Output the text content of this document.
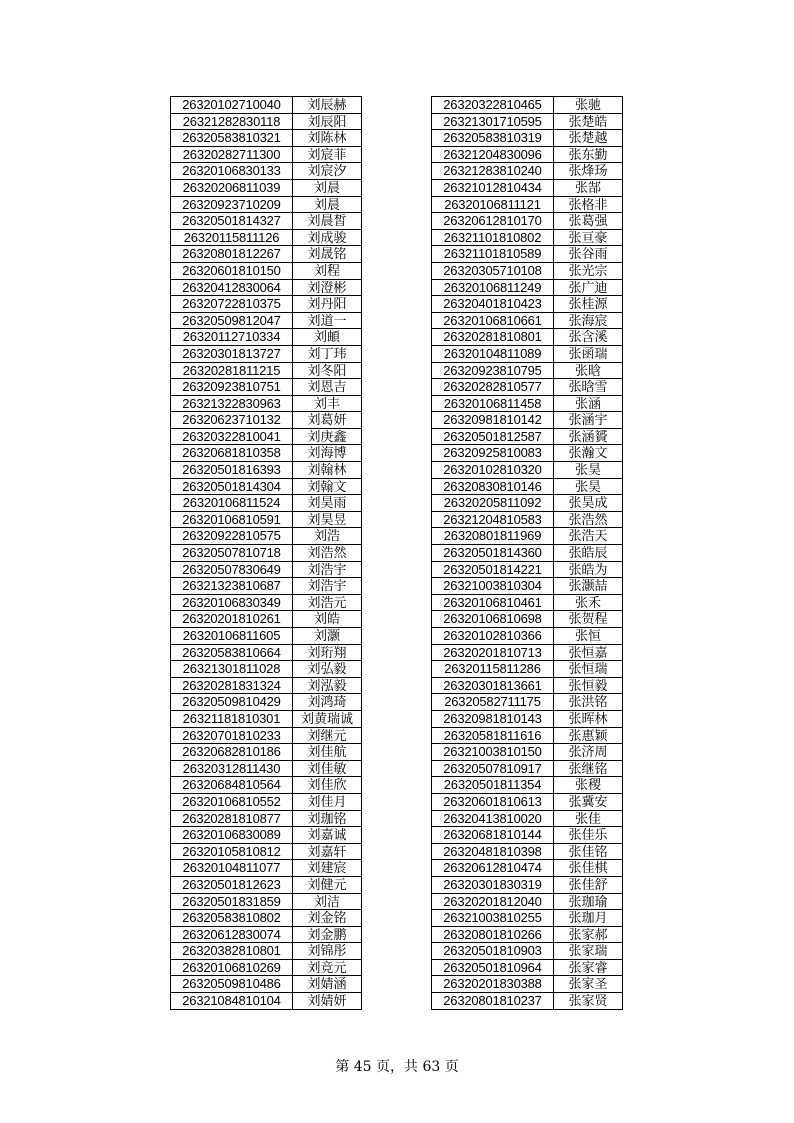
26320102710040	刘辰赫
26321282830118	刘辰阳
26320583810321	刘陈林
26320282711300	刘宸菲
26320106830133	刘宸汐
26320206811039	刘晨
26320923710209	刘晨
26320501814327	刘晨皙
26320115811126	刘成骏
26320801812267	刘晟铭
26320601810150	刘程
26320412830064	刘澄彬
26320722810375	刘丹阳
26320509812047	刘道一
26320112710334	刘頔
26320301813727	刘丁玮
26320281811215	刘冬阳
26320923810751	刘恩吉
26321322830963	刘丰
26320623710132	刘葛妍
26320322810041	刘庚鑫
26320681810358	刘海博
26320501816393	刘翰林
26320501814304	刘翰文
26320106811524	刘昊雨
26320106810591	刘昊昱
26320922810575	刘浩
26320507810718	刘浩然
26320507830649	刘浩宇
26321323810687	刘浩宇
26320106830349	刘浩元
26320201810261	刘皓
26320106811605	刘灏
26320583810664	刘珩翔
26321301811028	刘弘毅
26320281831324	刘泓毅
26320509810429	刘鸿琦
26321181810301	刘黄瑞诚
26320701810233	刘继元
26320682810186	刘佳航
26320312811430	刘佳敏
26320684810564	刘佳欣
26320106810552	刘佳月
26320281810877	刘珈铭
26320106830089	刘嘉诚
26320105810812	刘嘉轩
26320104811077	刘建宸
26320501812623	刘健元
26320501831859	刘洁
26320583810802	刘金铭
26320612830074	刘金鹏
26320382810801	刘锦彤
26320106810269	刘竞元
26320509810486	刘婧涵
26321084810104	刘婧妍
26320322810465	张驰
26321301710595	张楚皓
26320583810319	张楚越
26321204830096	张东勤
26321283810240	张烽玚
26321012810434	张郜
26320106811121	张格非
26320612810170	张葛强
26321101810802	张亘豪
26321101810589	张谷雨
26320305710108	张光宗
26320106811249	张广迪
26320401810423	张桂源
26320106810661	张海宸
26320281810801	张含溪
26320104811089	张函瑞
26320923810795	张晗
26320282810577	张晗雪
26320106811458	张涵
26320981810142	张涵宇
26320501812587	张涵贇
26320925810083	张瀚文
26320102810320	张昊
26320830810146	张昊
26320205811092	张昊成
26321204810583	张浩然
26320801811969	张浩天
26320501814360	张皓辰
26320501814221	张皓为
26321003810304	张灏喆
26320106810461	张禾
26320106810698	张贺程
26320102810366	张恒
26320201810713	张恒嘉
26320115811286	张恒瑞
26320301813661	张恒毅
26320582711175	张洪铭
26320981810143	张晖林
26320581811616	张惠颖
26321003810150	张济周
26320507810917	张继铭
26320501811354	张稷
26320601810613	张冀安
26320413810020	张佳
26320681810144	张佳乐
26320481810398	张佳铭
26320612810474	张佳棋
26320301830319	张佳舒
26320201812040	张珈瑜
26321003810255	张珈月
26320801810266	张家郝
26320501810903	张家瑞
26320501810964	张家睿
26320201830388	张家圣
26320801810237	张家贤
第 45 页，共 63 页
